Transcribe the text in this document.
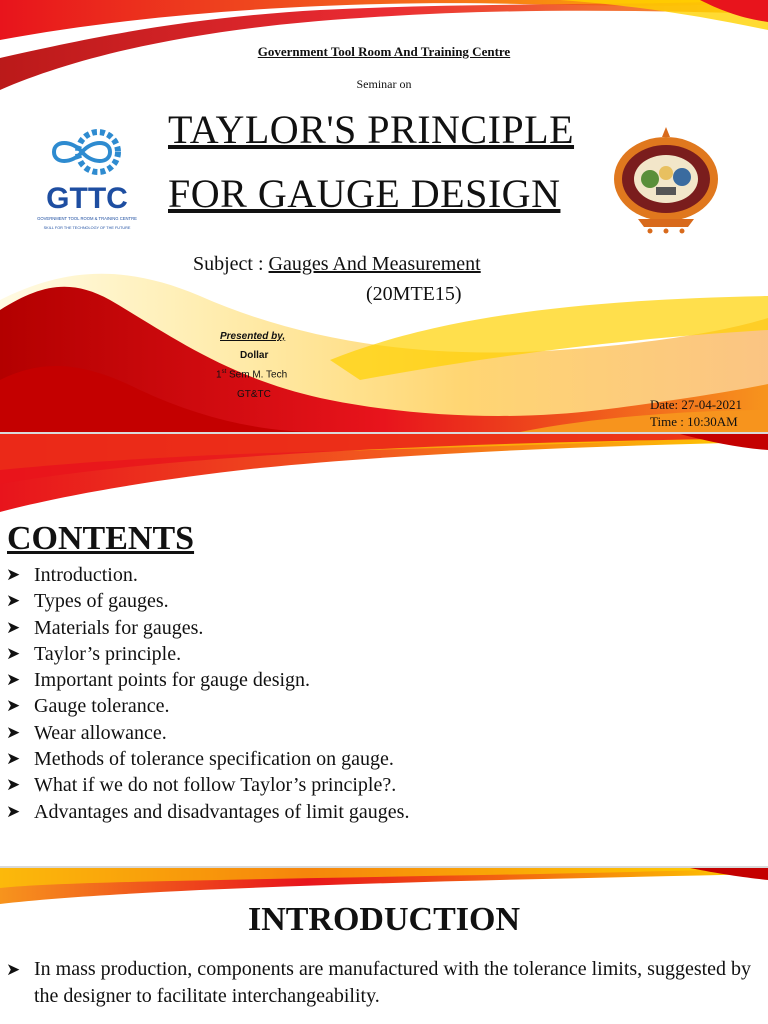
Government Tool Room And Training Centre
Seminar on
GTTC
GOVERNMENT TOOL ROOM & TRAINING CENTRE
SKILL FOR THE TECHNOLOGY OF THE FUTURE
TAYLOR'S PRINCIPLE
FOR GAUGE DESIGN
Subject : Gauges And Measurement
(20MTE15)
Presented by,
Dollar
1st Sem M. Tech
GT&TC
Date: 27-04-2021
Time : 10:30AM
CONTENTS
➤ Introduction.
➤ Types of gauges.
➤ Materials for gauges.
➤ Taylor’s principle.
➤ Important points for gauge design.
➤ Gauge tolerance.
➤ Wear allowance.
➤ Methods of tolerance specification on gauge.
➤ What if we do not follow Taylor’s principle?.
➤ Advantages and disadvantages of limit gauges.
INTRODUCTION
➤ In mass production, components are manufactured with the tolerance limits, suggested by the designer to facilitate interchangeability.
